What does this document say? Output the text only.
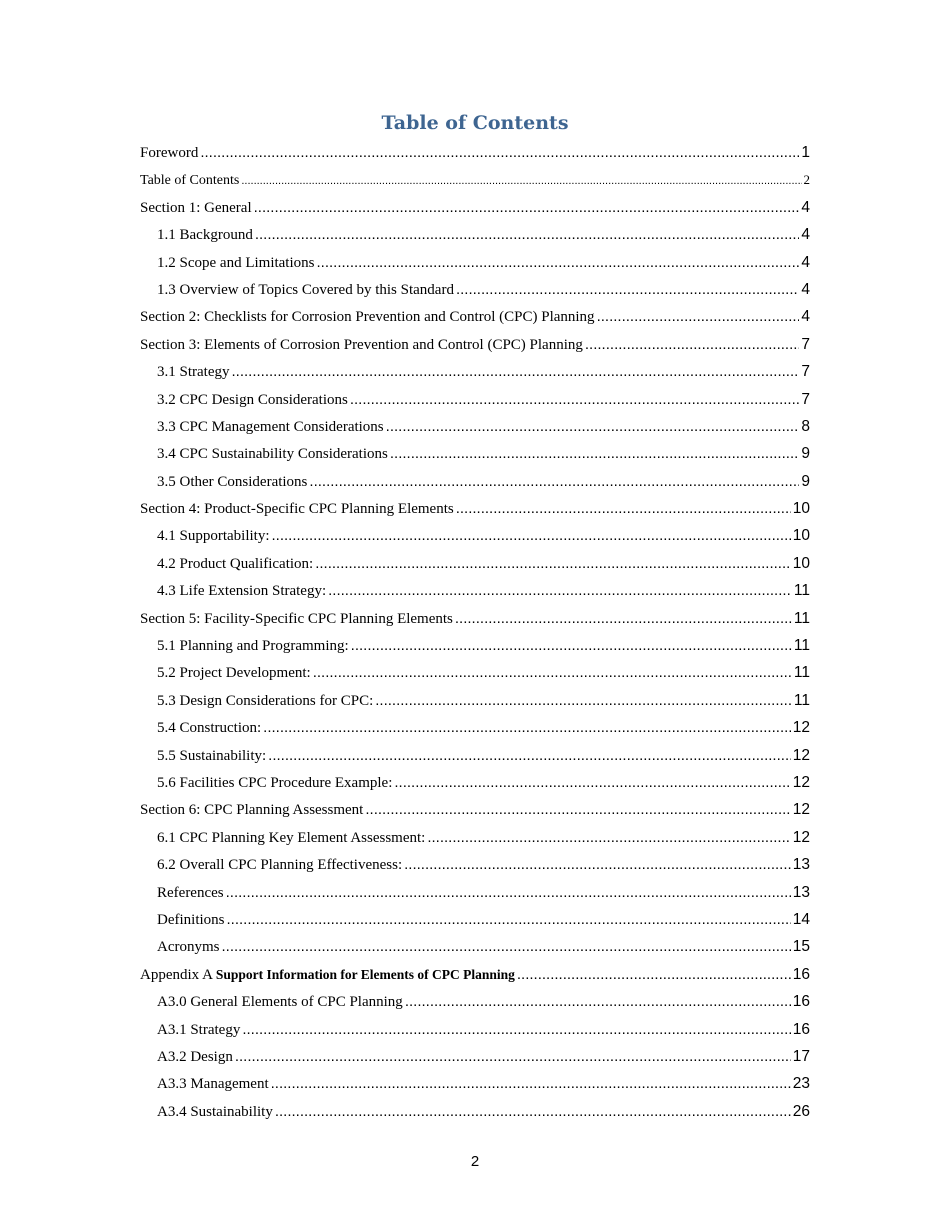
Table of Contents
Foreword .....	1
Table of Contents .....	2
Section 1: General .....	4
1.1 Background .....	4
1.2 Scope and Limitations .....	4
1.3 Overview of Topics Covered by this Standard .....	4
Section 2: Checklists for Corrosion Prevention and Control (CPC) Planning .....	4
Section 3: Elements of Corrosion Prevention and Control (CPC) Planning .....	7
3.1 Strategy .....	7
3.2 CPC Design Considerations .....	7
3.3 CPC Management Considerations .....	8
3.4 CPC Sustainability Considerations .....	9
3.5 Other Considerations .....	9
Section 4: Product-Specific CPC Planning Elements .....	10
4.1 Supportability: .....	10
4.2 Product Qualification: .....	10
4.3 Life Extension Strategy: .....	11
Section 5: Facility-Specific CPC Planning Elements .....	11
5.1 Planning and Programming: .....	11
5.2 Project Development: .....	11
5.3 Design Considerations for CPC: .....	11
5.4 Construction: .....	12
5.5 Sustainability: .....	12
5.6 Facilities CPC Procedure Example: .....	12
Section 6: CPC Planning Assessment .....	12
6.1 CPC Planning Key Element Assessment: .....	12
6.2 Overall CPC Planning Effectiveness: .....	13
References .....	13
Definitions .....	14
Acronyms .....	15
Appendix A Support Information for Elements of CPC Planning .....	16
A3.0 General Elements of CPC Planning .....	16
A3.1 Strategy .....	16
A3.2 Design .....	17
A3.3 Management .....	23
A3.4 Sustainability .....	26
2
